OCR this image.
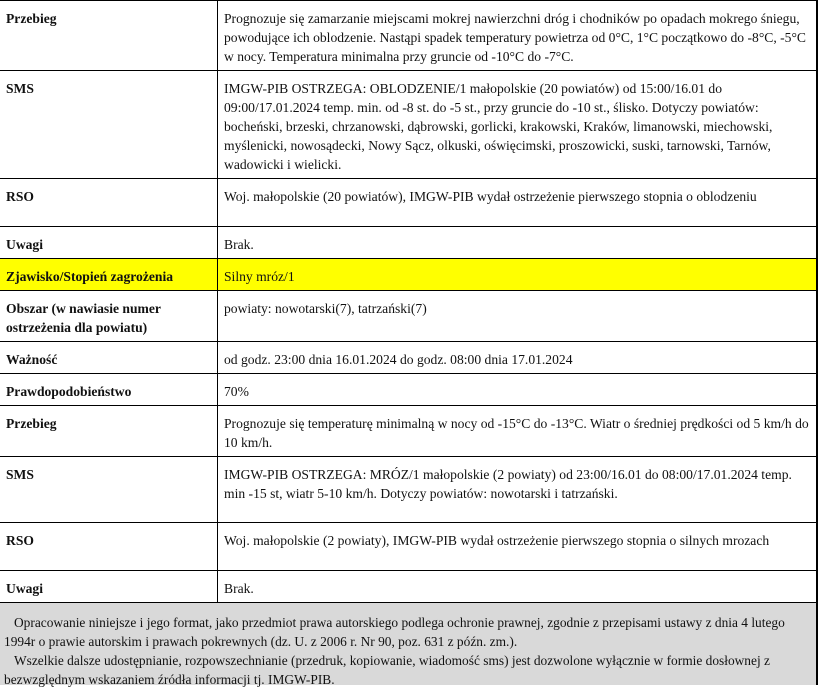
Przebieg	Prognozuje się zamarzanie miejscami mokrej nawierzchni dróg i chodników po opadach mokrego śniegu, powodujące ich oblodzenie. Nastąpi spadek temperatury powietrza od 0°C, 1°C początkowo do -8°C, -5°C w nocy. Temperatura minimalna przy gruncie od -10°C do -7°C.
SMS	IMGW-PIB OSTRZEGA: OBLODZENIE/1 małopolskie (20 powiatów) od 15:00/16.01 do 09:00/17.01.2024 temp. min. od -8 st. do -5 st., przy gruncie do -10 st., ślisko. Dotyczy powiatów: bocheński, brzeski, chrzanowski, dąbrowski, gorlicki, krakowski, Kraków, limanowski, miechowski, myślenicki, nowosądecki, Nowy Sącz, olkuski, oświęcimski, proszowicki, suski, tarnowski, Tarnów, wadowicki i wielicki.
RSO	Woj. małopolskie (20 powiatów), IMGW-PIB wydał ostrzeżenie pierwszego stopnia o oblodzeniu
Uwagi	Brak.
Zjawisko/Stopień zagrożenia	Silny mróz/1
Obszar (w nawiasie numer ostrzeżenia dla powiatu)	powiaty: nowotarski(7), tatrzański(7)
Ważność	od godz. 23:00 dnia 16.01.2024 do godz. 08:00 dnia 17.01.2024
Prawdopodobieństwo	70%
Przebieg	Prognozuje się temperaturę minimalną w nocy od -15°C do -13°C. Wiatr o średniej prędkości od 5 km/h do 10 km/h.
SMS	IMGW-PIB OSTRZEGA: MRÓZ/1 małopolskie (2 powiaty) od 23:00/16.01 do 08:00/17.01.2024 temp. min -15 st, wiatr 5-10 km/h. Dotyczy powiatów: nowotarski i tatrzański.
RSO	Woj. małopolskie (2 powiaty), IMGW-PIB wydał ostrzeżenie pierwszego stopnia o silnych mrozach
Uwagi	Brak.

Opracowanie niniejsze i jego format, jako przedmiot prawa autorskiego podlega ochronie prawnej, zgodnie z przepisami ustawy z dnia 4 lutego 1994r o prawie autorskim i prawach pokrewnych (dz. U. z 2006 r. Nr 90, poz. 631 z późn. zm.).

Wszelkie dalsze udostępnianie, rozpowszechnianie (przedruk, kopiowanie, wiadomość sms) jest dozwolone wyłącznie w formie dosłownej z bezwzględnym wskazaniem źródła informacji tj. IMGW-PIB.
